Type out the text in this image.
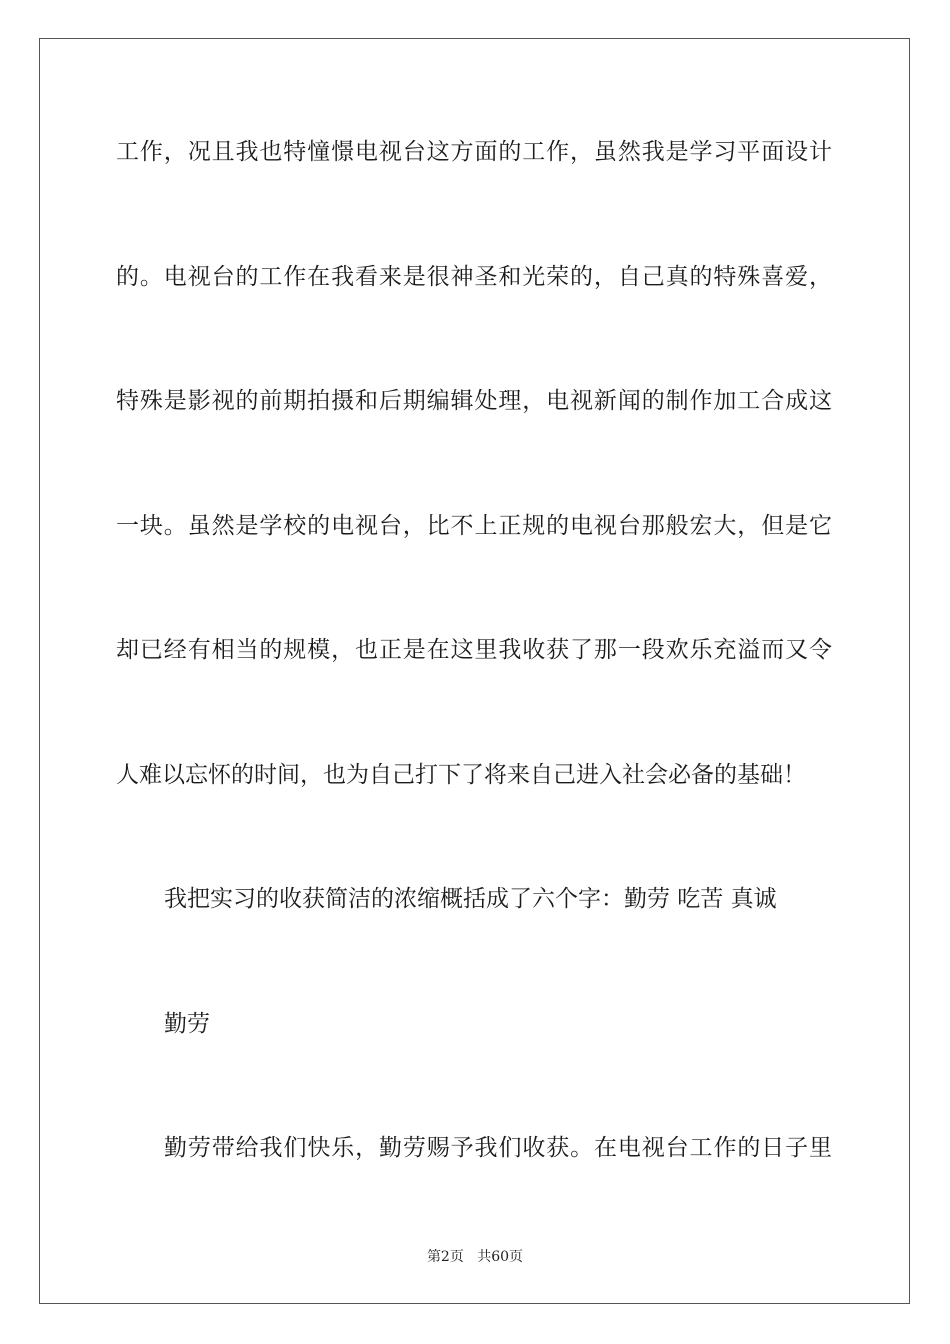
工作，况且我也特憧憬电视台这方面的工作，虽然我是学习平面设计
的。电视台的工作在我看来是很神圣和光荣的，自己真的特殊喜爱，
特殊是影视的前期拍摄和后期编辑处理，电视新闻的制作加工合成这
一块。虽然是学校的电视台，比不上正规的电视台那般宏大，但是它
却已经有相当的规模，也正是在这里我收获了那一段欢乐充溢而又令
人难以忘怀的时间，也为自己打下了将来自己进入社会必备的基础！
我把实习的收获简洁的浓缩概括成了六个字：勤劳 吃苦 真诚
勤劳
勤劳带给我们快乐，勤劳赐予我们收获。在电视台工作的日子里
第2页 共60页
